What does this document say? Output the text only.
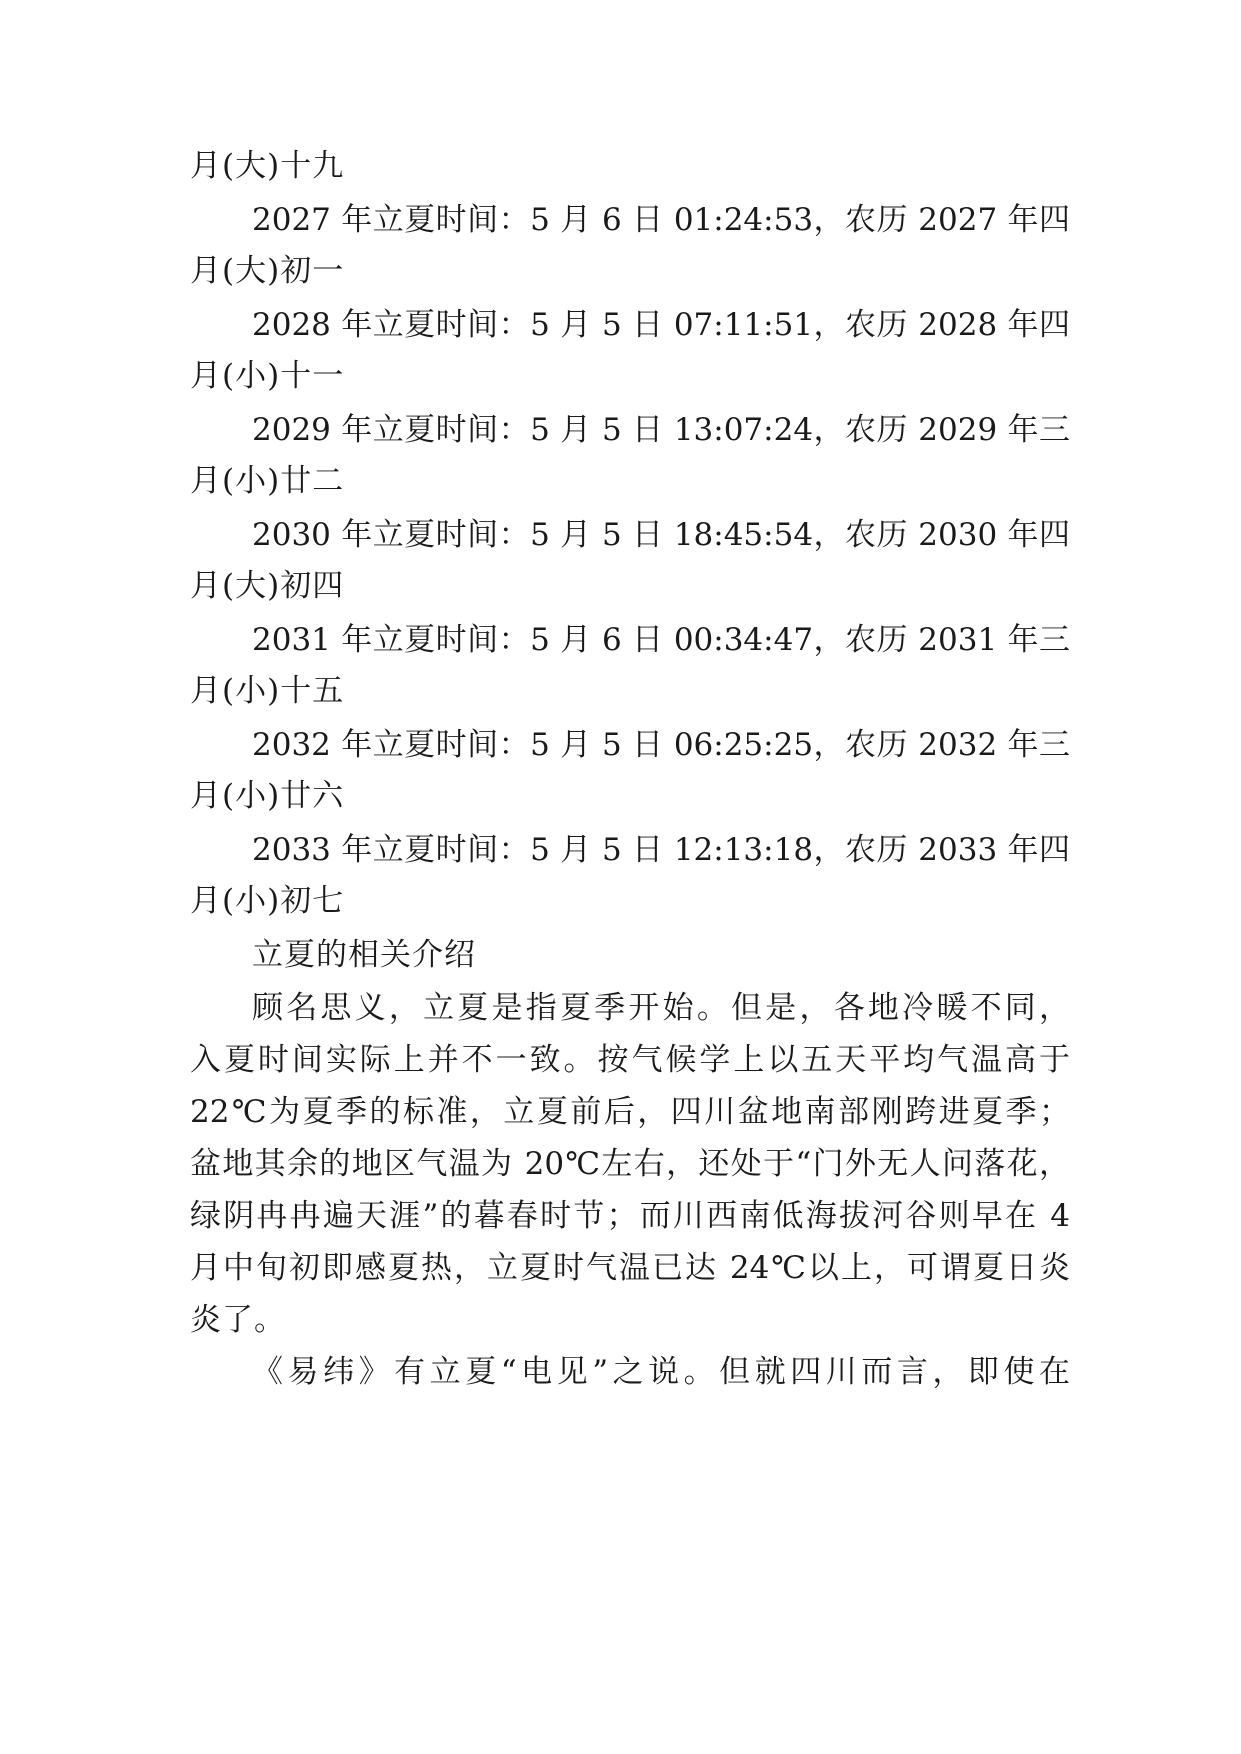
月(大)十九
2027 年立夏时间：5 月 6 日 01:24:53，农历 2027 年四
月(大)初一
2028 年立夏时间：5 月 5 日 07:11:51，农历 2028 年四
月(小)十一
2029 年立夏时间：5 月 5 日 13:07:24，农历 2029 年三
月(小)廿二
2030 年立夏时间：5 月 5 日 18:45:54，农历 2030 年四
月(大)初四
2031 年立夏时间：5 月 6 日 00:34:47，农历 2031 年三
月(小)十五
2032 年立夏时间：5 月 5 日 06:25:25，农历 2032 年三
月(小)廿六
2033 年立夏时间：5 月 5 日 12:13:18，农历 2033 年四
月(小)初七
立夏的相关介绍
顾名思义，立夏是指夏季开始。但是，各地冷暖不同，
入夏时间实际上并不一致。按气候学上以五天平均气温高于
22℃为夏季的标准，立夏前后，四川盆地南部刚跨进夏季；
盆地其余的地区气温为 20℃左右，还处于“门外无人问落花，
绿阴冉冉遍天涯”的暮春时节；而川西南低海拔河谷则早在 4
月中旬初即感夏热，立夏时气温已达 24℃以上，可谓夏日炎
炎了。
《易纬》有立夏“电见”之说。但就四川而言，即使在
